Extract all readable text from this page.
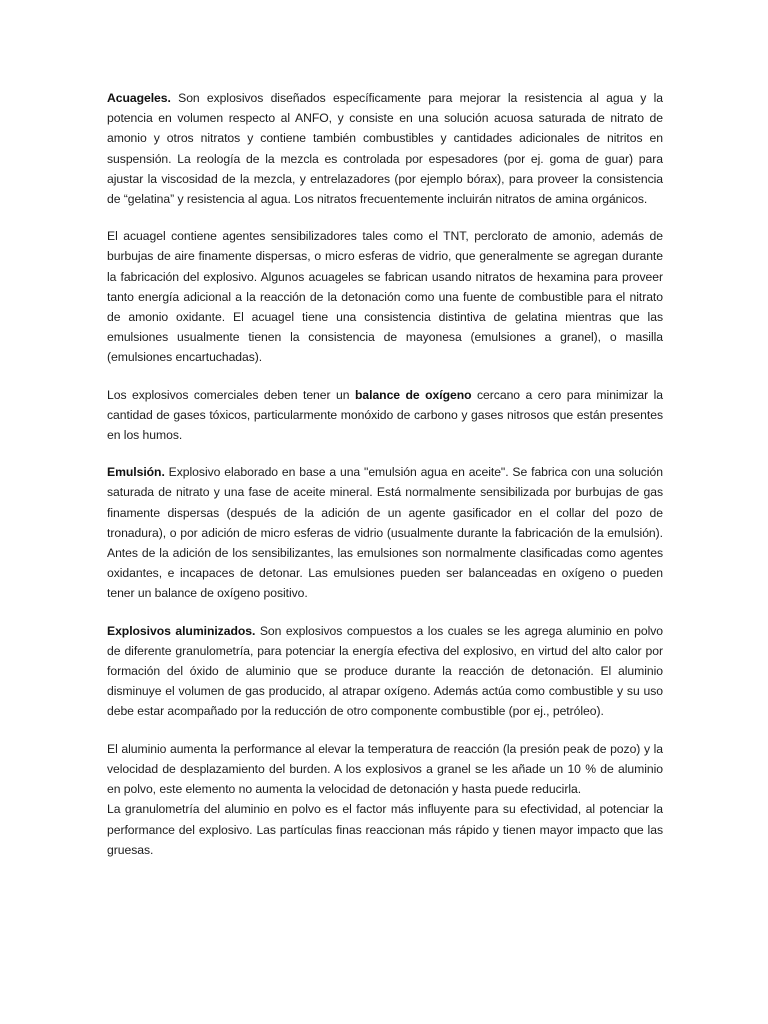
Acuageles. Son explosivos diseñados específicamente para mejorar la resistencia al agua y la potencia en volumen respecto al ANFO, y consiste en una solución acuosa saturada de nitrato de amonio y otros nitratos y contiene también combustibles y cantidades adicionales de nitritos en suspensión. La reología de la mezcla es controlada por espesadores (por ej. goma de guar) para ajustar la viscosidad de la mezcla, y entrelazadores (por ejemplo bórax), para proveer la consistencia de “gelatina” y resistencia al agua. Los nitratos frecuentemente incluirán nitratos de amina orgánicos.

El acuagel contiene agentes sensibilizadores tales como el TNT, perclorato de amonio, además de burbujas de aire finamente dispersas, o micro esferas de vidrio, que generalmente se agregan durante la fabricación del explosivo. Algunos acuageles se fabrican usando nitratos de hexamina para proveer tanto energía adicional a la reacción de la detonación como una fuente de combustible para el nitrato de amonio oxidante. El acuagel tiene una consistencia distintiva de gelatina mientras que las emulsiones usualmente tienen la consistencia de mayonesa (emulsiones a granel), o masilla (emulsiones encartuchadas).

Los explosivos comerciales deben tener un balance de oxígeno cercano a cero para minimizar la cantidad de gases tóxicos, particularmente monóxido de carbono y gases nitrosos que están presentes en los humos.

Emulsión. Explosivo elaborado en base a una "emulsión agua en aceite". Se fabrica con una solución saturada de nitrato y una fase de aceite mineral. Está normalmente sensibilizada por burbujas de gas finamente dispersas (después de la adición de un agente gasificador en el collar del pozo de tronadura), o por adición de micro esferas de vidrio (usualmente durante la fabricación de la emulsión). Antes de la adición de los sensibilizantes, las emulsiones son normalmente clasificadas como agentes oxidantes, e incapaces de detonar. Las emulsiones pueden ser balanceadas en oxígeno o pueden tener un balance de oxígeno positivo.

Explosivos aluminizados. Son explosivos compuestos a los cuales se les agrega aluminio en polvo de diferente granulometría, para potenciar la energía efectiva del explosivo, en virtud del alto calor por formación del óxido de aluminio que se produce durante la reacción de detonación. El aluminio disminuye el volumen de gas producido, al atrapar oxígeno. Además actúa como combustible y su uso debe estar acompañado por la reducción de otro componente combustible (por ej., petróleo).

El aluminio aumenta la performance al elevar la temperatura de reacción (la presión peak de pozo) y la velocidad de desplazamiento del burden. A los explosivos a granel se les añade un 10 % de aluminio en polvo, este elemento no aumenta la velocidad de detonación y hasta puede reducirla.

La granulometría del aluminio en polvo es el factor más influyente para su efectividad, al potenciar la performance del explosivo. Las partículas finas reaccionan más rápido y tienen mayor impacto que las gruesas.
